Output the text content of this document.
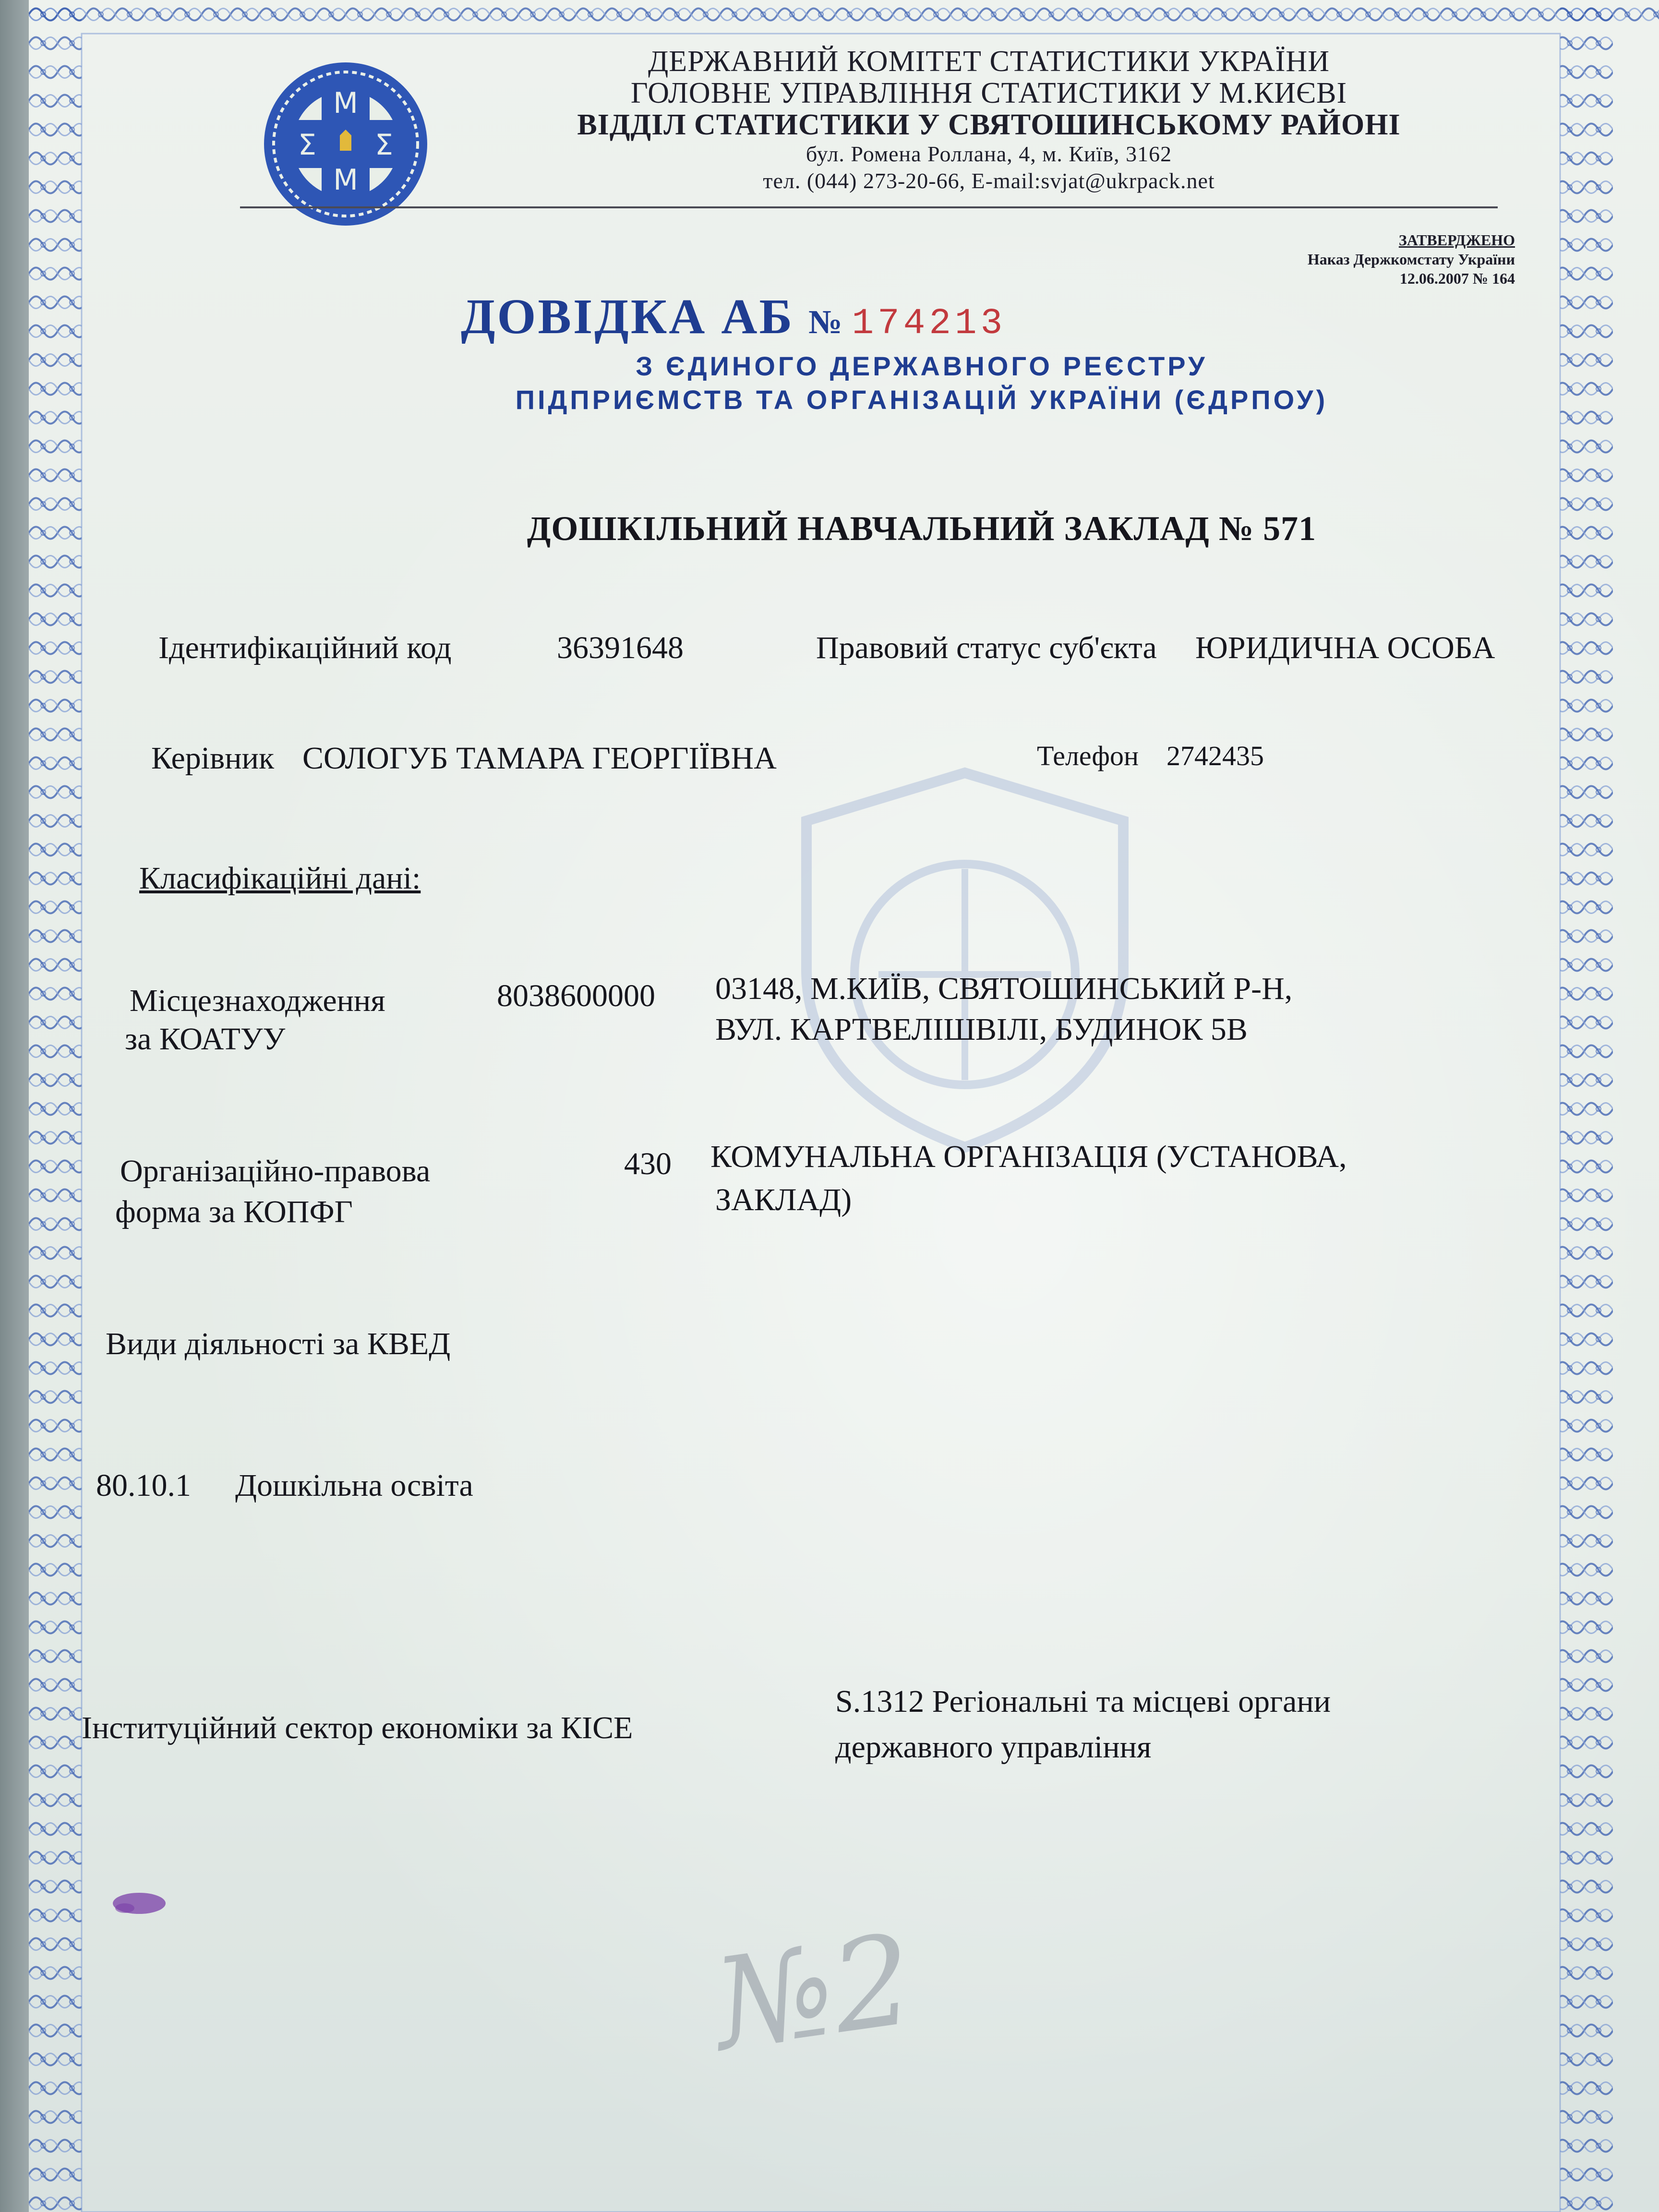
M
M
Σ Σ
ДЕРЖАВНИЙ КОМІТЕТ СТАТИСТИКИ УКРАЇНИ
ГОЛОВНЕ УПРАВЛІННЯ СТАТИСТИКИ У М.КИЄВІ
ВІДДІЛ СТАТИСТИКИ У СВЯТОШИНСЬКОМУ РАЙОНІ
бул. Ромена Роллана, 4, м. Київ, 3162
тел. (044) 273-20-66, E-mail:svjat@ukrpack.net
ЗАТВЕРДЖЕНО
Наказ Держкомстату України
12.06.2007 № 164
ДОВІДКА АБ № 174213
З ЄДИНОГО ДЕРЖАВНОГО РЕЄСТРУ
ПІДПРИЄМСТВ ТА ОРГАНІЗАЦІЙ УКРАЇНИ (ЄДРПОУ)
ДОШКІЛЬНИЙ НАВЧАЛЬНИЙ ЗАКЛАД № 571
Ідентифікаційний код	36391648	Правовий статус суб'єкта ЮРИДИЧНА ОСОБА
Керівник СОЛОГУБ ТАМАРА ГЕОРГІЇВНА	Телефон 2742435
Класифікаційні дані:
Місцезнаходження
за КОАТУУ
8038600000 03148, М.КИЇВ, СВЯТОШИНСЬКИЙ Р-Н,
ВУЛ. КАРТВЕЛІШВІЛІ, БУДИНОК 5В
Організаційно-правова
форма за КОПФГ
430 КОМУНАЛЬНА ОРГАНІЗАЦІЯ (УСТАНОВА,
ЗАКЛАД)
Види діяльності за КВЕД
80.10.1 Дошкільна освіта
Інституційний сектор економіки за КІСЕ
S.1312 Регіональні та місцеві органи
державного управління
№2
